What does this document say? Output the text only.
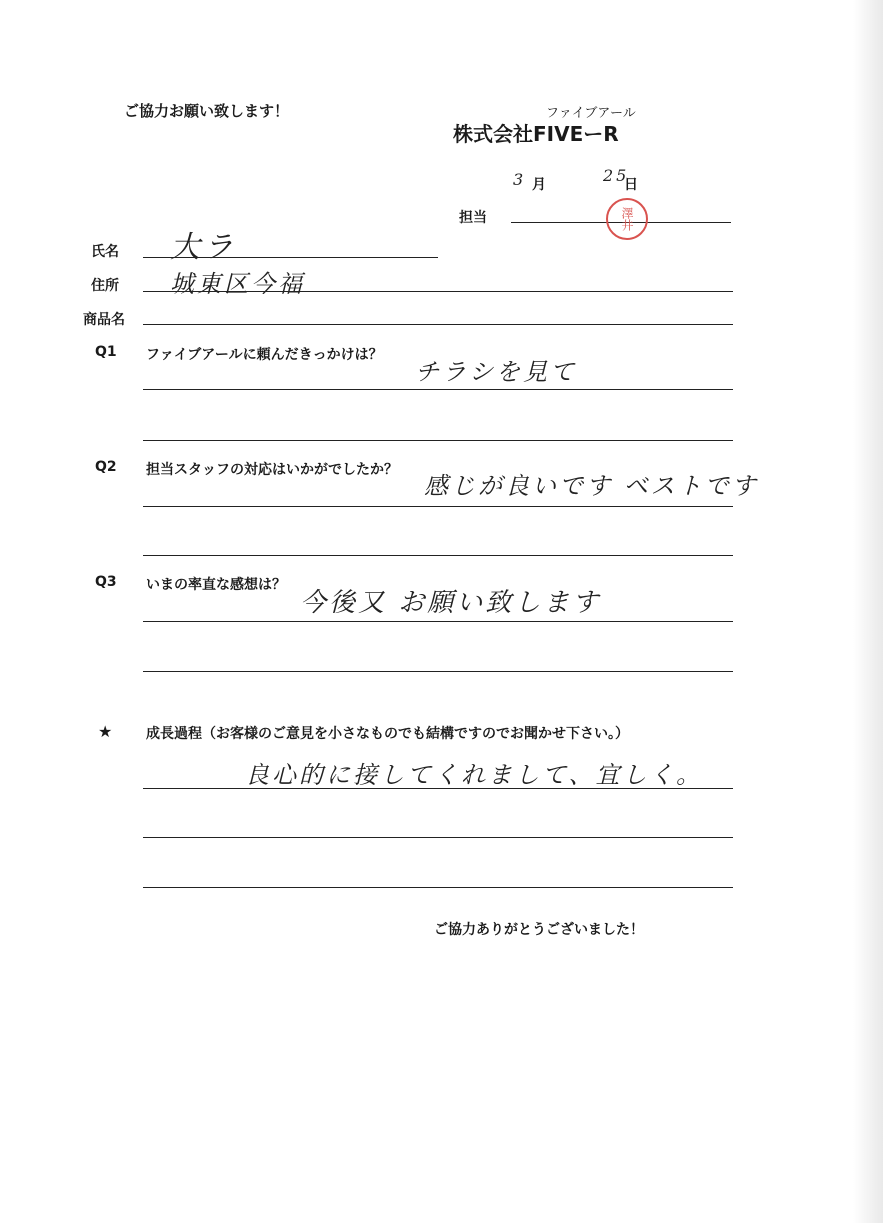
ご協力お願い致します！	ファイブアール
株式会社FIVEーR
3 月	25
日
担当	澤井
氏名 大ラ
住所 城東区今福
商品名
Q1 ファイブアールに頼んだきっかけは？
チラシを見て
Q2 担当スタッフの対応はいかがでしたか？
感じが良いです ベストです
Q3 いまの率直な感想は？
今後又 お願い致します
★ 成長過程（お客様のご意見を小さなものでも結構ですのでお聞かせ下さい。）
良心的に接してくれまして、宜しく。
ご協力ありがとうございました！
